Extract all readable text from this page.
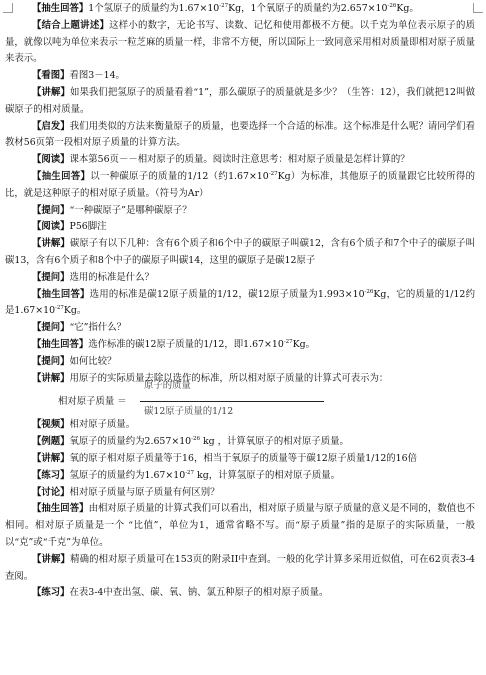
【抽生回答】1个氢原子的质量约为$1.67\times 10^{-27}Kg$，1个氧原子的质量约为$2.657\times 10^{-26}Kg$。

【结合上题讲述】这样小的数字，无论书写、读数、记忆和使用都极不方便。以千克为单位表示原子的质量，就像以吨为单位来表示一粒芝麻的质量一样，非常不方便，所以国际上一致同意采用相对质量即相对原子质量来表示。

【看图】看图3－14。

【讲解】如果我们把氢原子的质量看着“1”，那么碳原子的质量就是多少？（生答：12），我们就把12叫做碳原子的相对质量。

【启发】我们用类似的方法来衡量原子的质量，也要选择一个合适的标准。这个标准是什么呢？请同学们看教材56页第一段相对原子质量的计算方法。

【阅读】课本第56页－－相对原子的质量。阅读时注意思考：相对原子质量是怎样计算的？

【抽生回答】以一种碳原子的质量的1/12（约$1.67\times 10^{-27}Kg$）为标准，其他原子的质量跟它比较所得的比，就是这种原子的相对原子质量。（符号为Ar）

【提问】“一种碳原子”是哪种碳原子？

【阅读】P56脚注

【讲解】碳原子有以下几种：含有6个质子和6个中子的碳原子叫碳12，含有6个质子和7个中子的碳原子叫碳13，含有6个质子和8个中子的碳原子叫碳14，这里的碳原子是碳12原子

【提问】选用的标准是什么？

【抽生回答】选用的标准是碳12原子质量的1/12，碳12原子质量为$1.993\times 10^{-26}Kg$，它的质量的1/12约是$1.67\times 10^{-27}Kg$。

【提问】“它”指什么？

【抽生回答】选作标准的碳12原子质量的1/12，即$1.67\times 10^{-27}Kg$。

【提问】如何比较？

【讲解】用原子的实际质量去除以选作的标准，所以相对原子质量的计算式可表示为：

相对原子质量 ＝
原子的质量
碳12原子质量的1/12

【视频】相对原子质量。

【例题】氧原子的质量约为$2.657\times 10^{-26}$ kg ，计算氧原子的相对原子质量。

【讲解】氧的原子相对原子质量等于16，相当于氧原子的质量等于碳12原子质量1/12的16倍

【练习】氢原子的质量约为$1.67\times 10^{-27}$ kg，计算氢原子的相对原子质量。

【讨论】相对原子质量与原子质量有何区别？

【抽生回答】由相对原子质量的计算式我们可以看出，相对原子质量与原子质量的意义是不同的，数值也不相同。相对原子质量是一个 “比值”，单位为1，通常省略不写。而“原子质量”指的是原子的实际质量，一般以“克”或“千克”为单位。

【讲解】精确的相对原子质量可在153页的附录II中查到。一般的化学计算多采用近似值，可在62页表3-4查阅。

【练习】在表3-4中查出氢、碳、氧、钠、氯五种原子的相对原子质量。
